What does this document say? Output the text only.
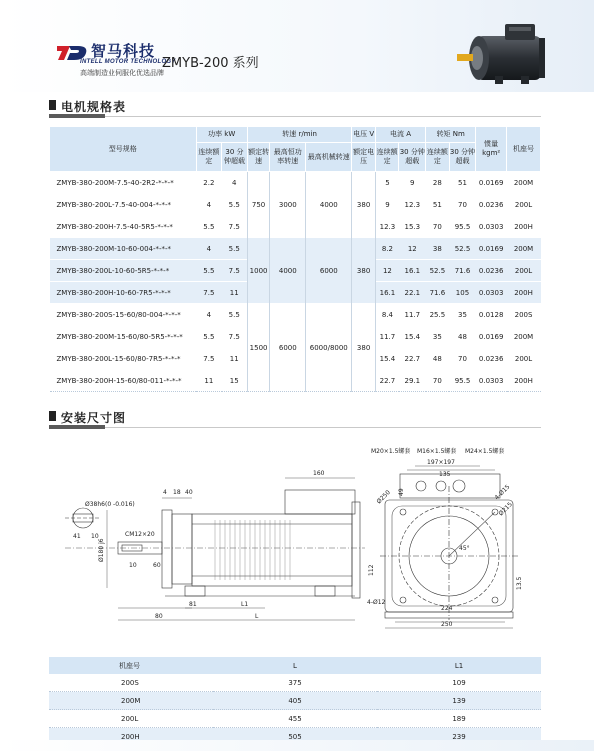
智马科技
INTELL MOTOR TECHNOLOGY
高端制造业伺服化优选品牌
ZMYB-200 系列
电机规格表
型号规格	功率 kW		转速 r/min			电压 V	电流 A		转矩 Nm		惯量 kgm²	机座号
	连续额定	30 分钟超载	额定转速	最高恒功率转速	最高机械转速	额定电压	连续额定	30 分钟超载	连续额定	30 分钟超载		
ZMYB-380-200M-7.5-40-2R2-*-*-*	2.2	4	750	3000	4000	380	5	9	28	51	0.0169	200M
ZMYB-380-200L-7.5-40-004-*-*-*	4	5.5					9	12.3	51	70	0.0236	200L
ZMYB-380-200H-7.5-40-5R5-*-*-*	5.5	7.5					12.3	15.3	70	95.5	0.0303	200H
ZMYB-380-200M-10-60-004-*-*-*	4	5.5	1000	4000	6000	380	8.2	12	38	52.5	0.0169	200M
ZMYB-380-200L-10-60-5R5-*-*-*	5.5	7.5					12	16.1	52.5	71.6	0.0236	200L
ZMYB-380-200H-10-60-7R5-*-*-*	7.5	11					16.1	22.1	71.6	105	0.0303	200H
ZMYB-380-200S-15-60/80-004-*-*-*	4	5.5	1500	6000	6000/8000	380	8.4	11.7	25.5	35	0.0128	200S
ZMYB-380-200M-15-60/80-5R5-*-*-*	5.5	7.5					11.7	15.4	35	48	0.0169	200M
ZMYB-380-200L-15-60/80-7R5-*-*-*	7.5	11					15.4	22.7	48	70	0.0236	200L
ZMYB-380-200H-15-60/80-011-*-*-*	11	15					22.7	29.1	70	95.5	0.0303	200H
安装尺寸图
160
4 18 40
Ø38h6(0 -0.016)
41 10	CM12×20
Ø180 j6
10	60
81	L1
L
80
M20×1.5螺套 M16×1.5螺套 M24×1.5螺套
197×197
135
49
Ø250	4-Ø15
Ø215
45°
112
13.5
4-Ø12
224
250
机座号	L	L1
200S	375	109
200M	405	139
200L	455	189
200H	505	239
